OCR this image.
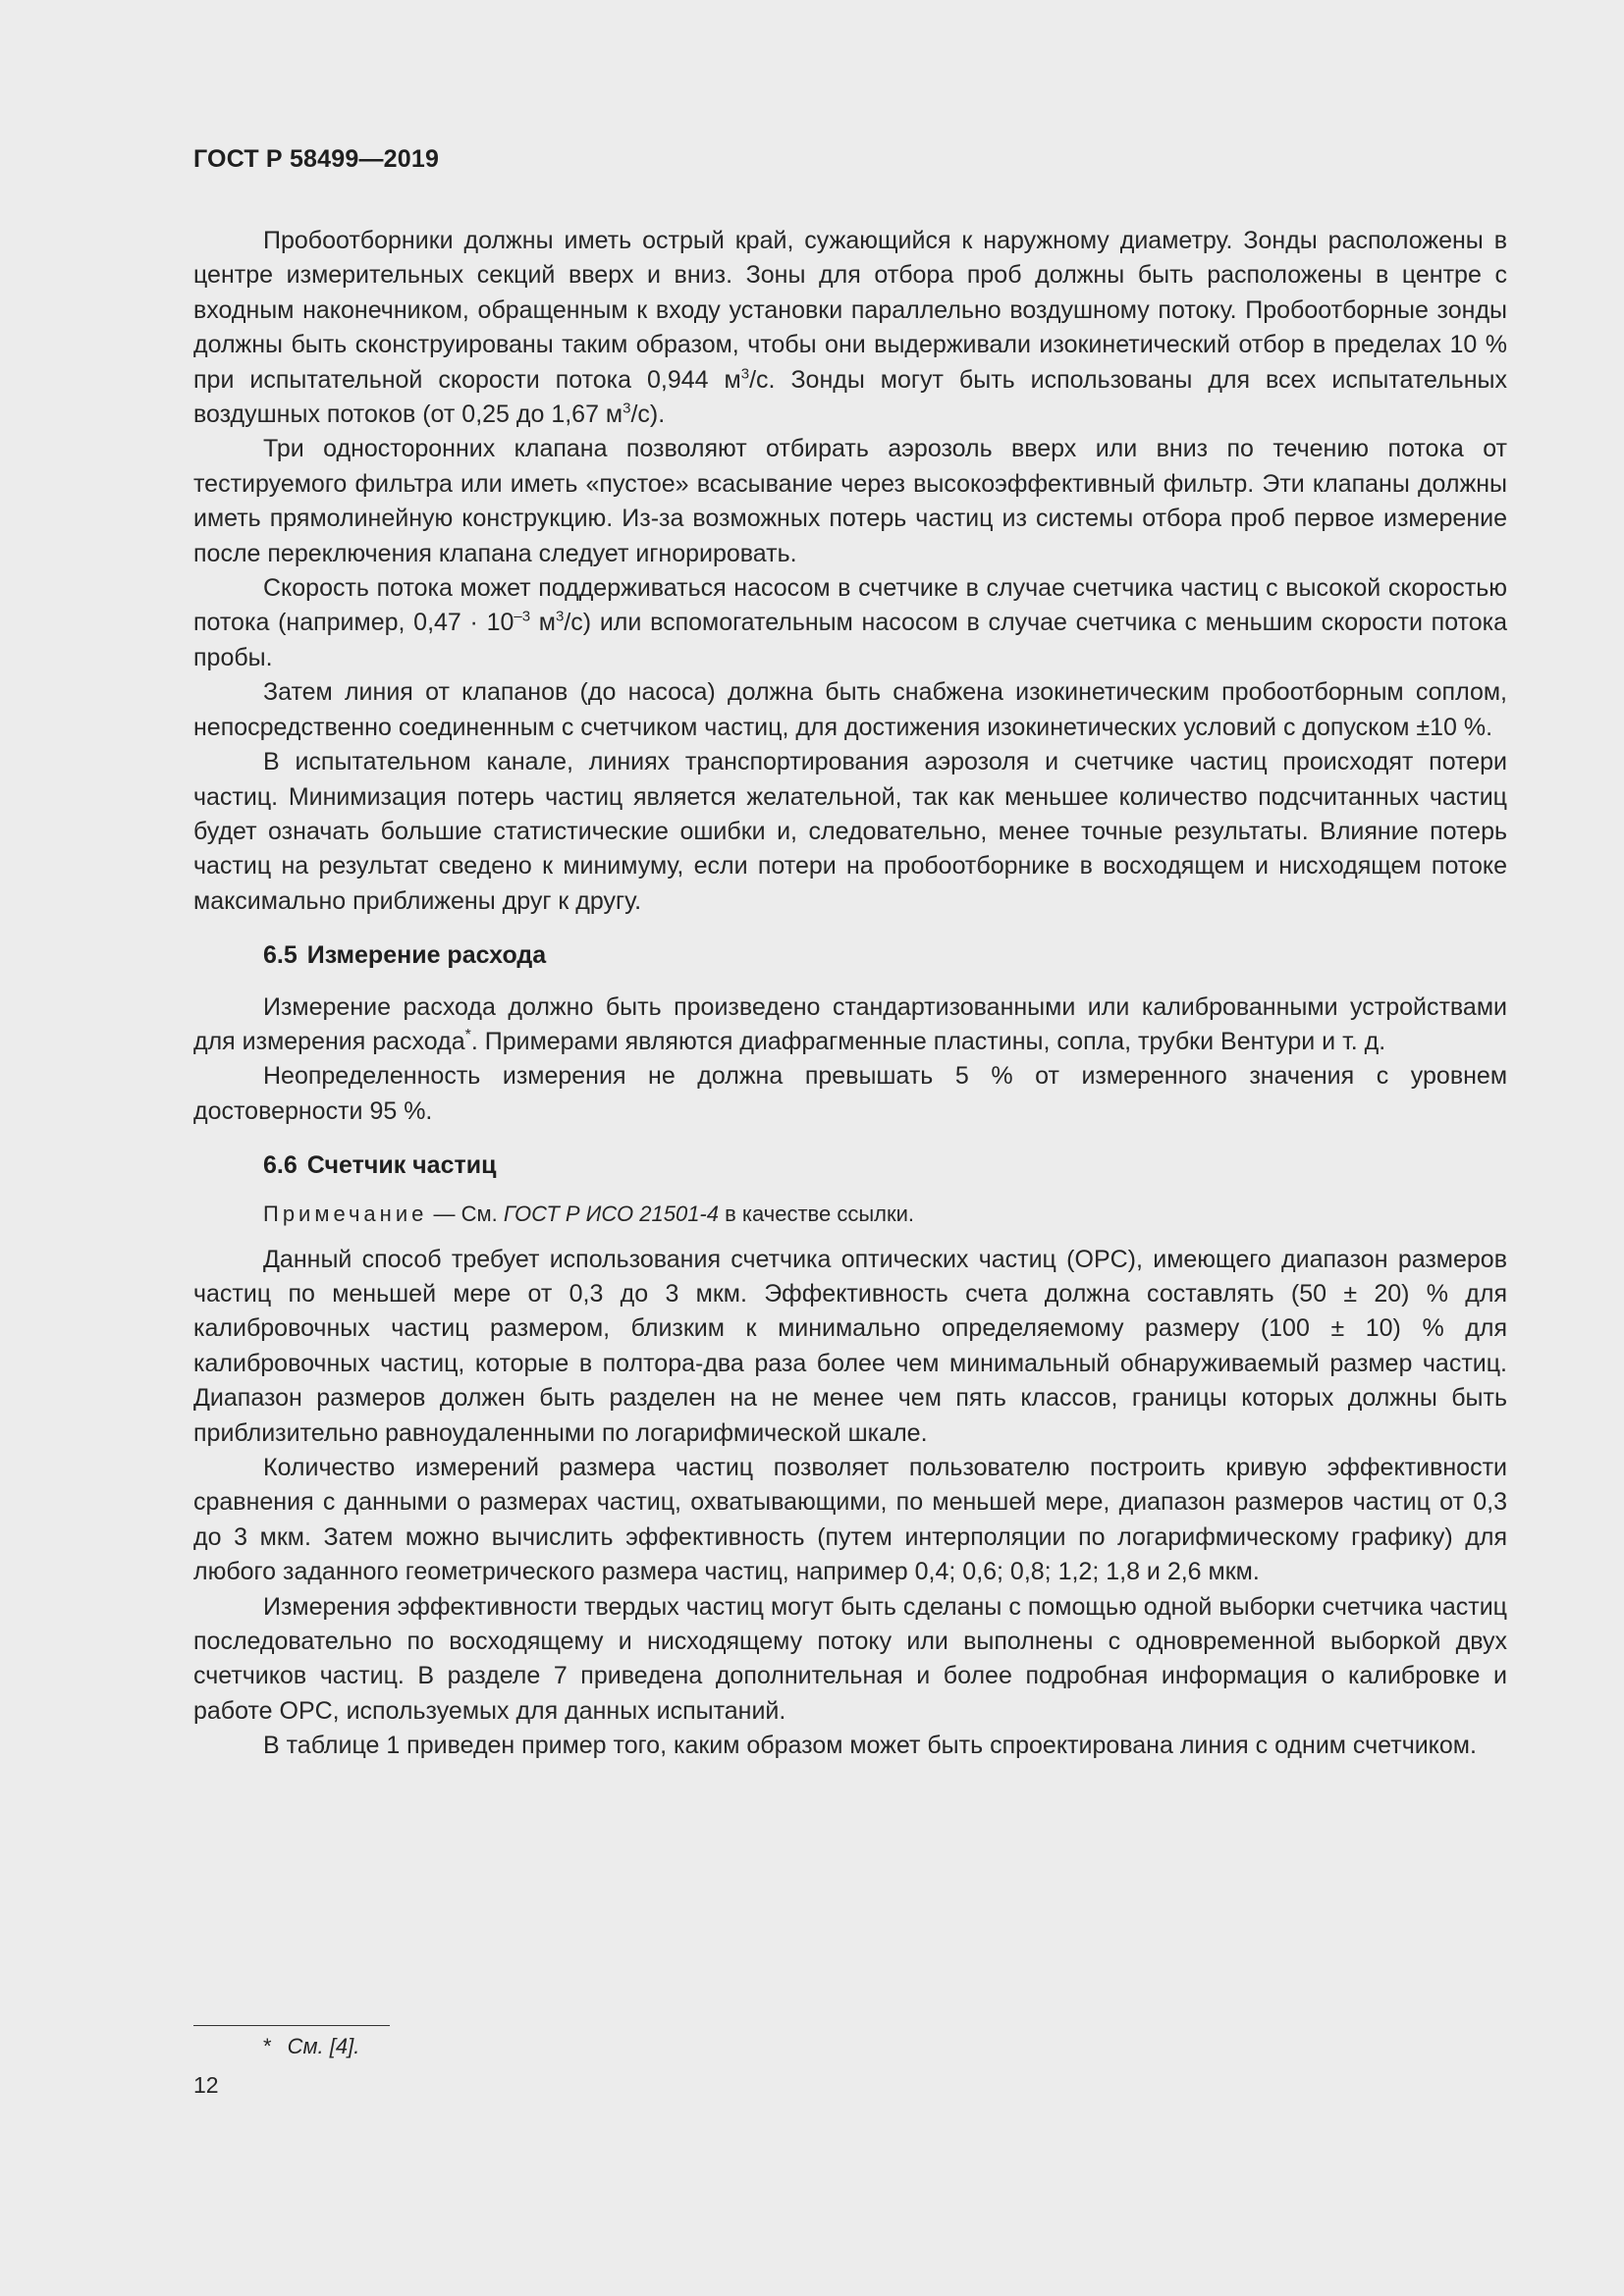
ГОСТ Р 58499—2019

Пробоотборники должны иметь острый край, сужающийся к наружному диаметру. Зонды расположены в центре измерительных секций вверх и вниз. Зоны для отбора проб должны быть расположены в центре с входным наконечником, обращенным к входу установки параллельно воздушному потоку. Пробоотборные зонды должны быть сконструированы таким образом, чтобы они выдерживали изокинетический отбор в пределах 10 % при испытательной скорости потока 0,944 $м^3/с$. Зонды могут быть использованы для всех испытательных воздушных потоков (от 0,25 до 1,67 $м^3/с$).

Три односторонних клапана позволяют отбирать аэрозоль вверх или вниз по течению потока от тестируемого фильтра или иметь «пустое» всасывание через высокоэффективный фильтр. Эти клапаны должны иметь прямолинейную конструкцию. Из-за возможных потерь частиц из системы отбора проб первое измерение после переключения клапана следует игнорировать.

Скорость потока может поддерживаться насосом в счетчике в случае счетчика частиц с высокой скоростью потока (например, $0,47 \cdot 10^{-3}$ $м^3/с$) или вспомогательным насосом в случае счетчика с меньшим скорости потока пробы.

Затем линия от клапанов (до насоса) должна быть снабжена изокинетическим пробоотборным соплом, непосредственно соединенным с счетчиком частиц, для достижения изокинетических условий с допуском ±10 %.

В испытательном канале, линиях транспортирования аэрозоля и счетчике частиц происходят потери частиц. Минимизация потерь частиц является желательной, так как меньшее количество подсчитанных частиц будет означать большие статистические ошибки и, следовательно, менее точные результаты. Влияние потерь частиц на результат сведено к минимуму, если потери на пробоотборнике в восходящем и нисходящем потоке максимально приближены друг к другу.

6.5 Измерение расхода

Измерение расхода должно быть произведено стандартизованными или калиброванными устройствами для измерения расхода*. Примерами являются диафрагменные пластины, сопла, трубки Вентури и т. д.

Неопределенность измерения не должна превышать 5 % от измеренного значения с уровнем достоверности 95 %.

6.6 Счетчик частиц
Примечание — См. ГОСТ Р ИСО 21501-4 в качестве ссылки.

Данный способ требует использования счетчика оптических частиц (OPC), имеющего диапазон размеров частиц по меньшей мере от 0,3 до 3 мкм. Эффективность счета должна составлять (50 ± 20) % для калибровочных частиц размером, близким к минимально определяемому размеру (100 ± 10) % для калибровочных частиц, которые в полтора-два раза более чем минимальный обнаруживаемый размер частиц. Диапазон размеров должен быть разделен на не менее чем пять классов, границы которых должны быть приблизительно равноудаленными по логарифмической шкале.

Количество измерений размера частиц позволяет пользователю построить кривую эффективности сравнения с данными о размерах частиц, охватывающими, по меньшей мере, диапазон размеров частиц от 0,3 до 3 мкм. Затем можно вычислить эффективность (путем интерполяции по логарифмическому графику) для любого заданного геометрического размера частиц, например 0,4; 0,6; 0,8; 1,2; 1,8 и 2,6 мкм.

Измерения эффективности твердых частиц могут быть сделаны с помощью одной выборки счетчика частиц последовательно по восходящему и нисходящему потоку или выполнены с одновременной выборкой двух счетчиков частиц. В разделе 7 приведена дополнительная и более подробная информация о калибровке и работе OPC, используемых для данных испытаний.

В таблице 1 приведен пример того, каким образом может быть спроектирована линия с одним счетчиком.

* См. [4].
12
